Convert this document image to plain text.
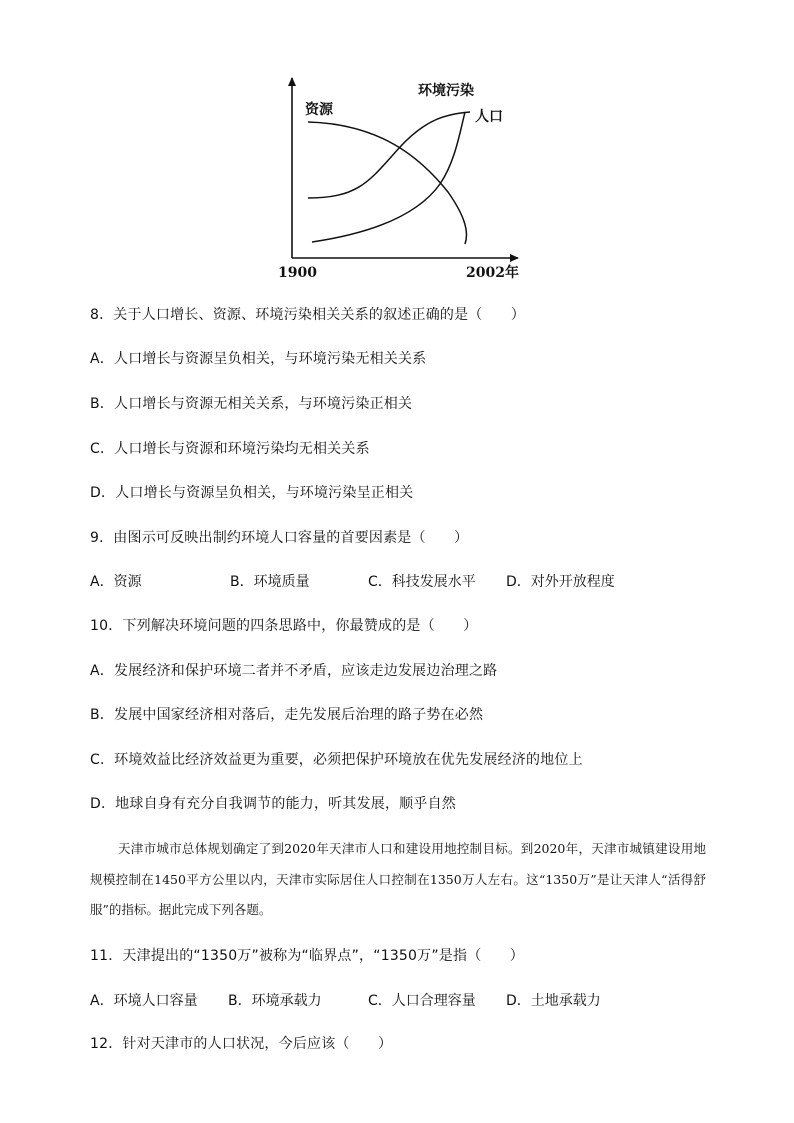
资源
环境污染
人口
1900	2002年
8．关于人口增长、资源、环境污染相关关系的叙述正确的是（　　）
A．人口增长与资源呈负相关，与环境污染无相关关系
B．人口增长与资源无相关关系，与环境污染正相关
C．人口增长与资源和环境污染均无相关关系
D．人口增长与资源呈负相关，与环境污染呈正相关
9．由图示可反映出制约环境人口容量的首要因素是（　　）
A．资源	B．环境质量	C．科技发展水平 D．对外开放程度
10．下列解决环境问题的四条思路中，你最赞成的是（　　）
A．发展经济和保护环境二者并不矛盾，应该走边发展边治理之路
B．发展中国家经济相对落后，走先发展后治理的路子势在必然
C．环境效益比经济效益更为重要，必须把保护环境放在优先发展经济的地位上
D．地球自身有充分自我调节的能力，听其发展，顺乎自然
天津市城市总体规划确定了到2020年天津市人口和建设用地控制目标。到2020年，天津市城镇建设用地规模控制在1450平方公里以内，天津市实际居住人口控制在1350万人左右。这“1350万”是让天津人“活得舒服”的指标。据此完成下列各题。
11．天津提出的“1350万”被称为“临界点”，“1350万”是指（　　）
A．环境人口容量 B．环境承载力	C．人口合理容量 D．土地承载力
12．针对天津市的人口状况，今后应该（　　）
